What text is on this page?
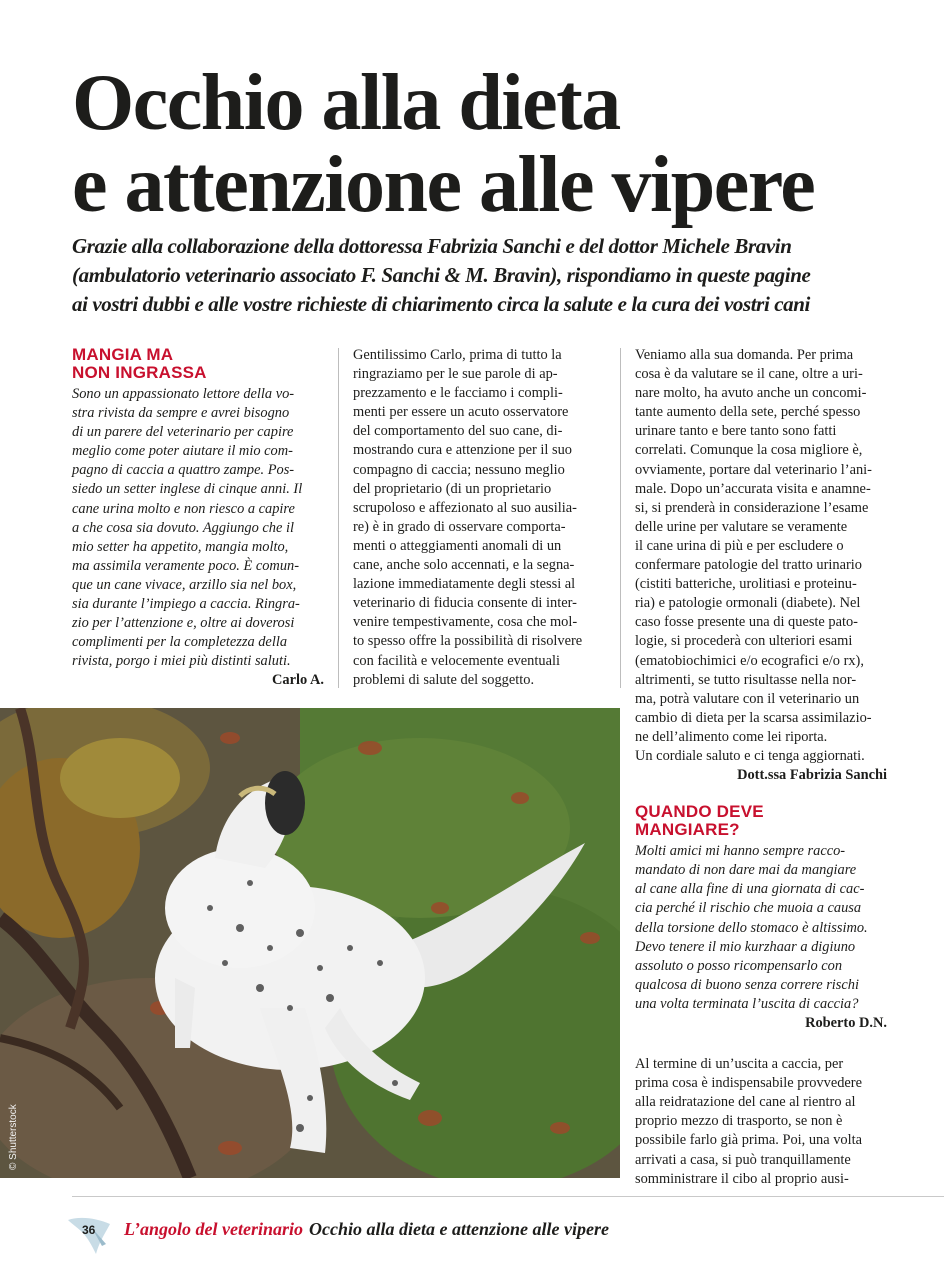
Occhio alla dieta
e attenzione alle vipere
Grazie alla collaborazione della dottoressa Fabrizia Sanchi e del dottor Michele Bravin
(ambulatorio veterinario associato F. Sanchi & M. Bravin), rispondiamo in queste pagine
ai vostri dubbi e alle vostre richieste di chiarimento circa la salute e la cura dei vostri cani
MANGIA MA
NON INGRASSA
Sono un appassionato lettore della vo-
stra rivista da sempre e avrei bisogno
di un parere del veterinario per capire
meglio come poter aiutare il mio com-
pagno di caccia a quattro zampe. Pos-
siedo un setter inglese di cinque anni. Il
cane urina molto e non riesco a capire
a che cosa sia dovuto. Aggiungo che il
mio setter ha appetito, mangia molto,
ma assimila veramente poco. È comun-
que un cane vivace, arzillo sia nel box,
sia durante l’impiego a caccia. Ringra-
zio per l’attenzione e, oltre ai doverosi
complimenti per la completezza della
rivista, porgo i miei più distinti saluti.

Carlo A.

Gentilissimo Carlo, prima di tutto la
ringraziamo per le sue parole di ap-
prezzamento e le facciamo i compli-
menti per essere un acuto osservatore
del comportamento del suo cane, di-
mostrando cura e attenzione per il suo
compagno di caccia; nessuno meglio
del proprietario (di un proprietario
scrupoloso e affezionato al suo ausilia-
re) è in grado di osservare comporta-
menti o atteggiamenti anomali di un
cane, anche solo accennati, e la segna-
lazione immediatamente degli stessi al
veterinario di fiducia consente di inter-
venire tempestivamente, cosa che mol-
to spesso offre la possibilità di risolvere
con facilità e velocemente eventuali
problemi di salute del soggetto.
Veniamo alla sua domanda. Per prima
cosa è da valutare se il cane, oltre a uri-
nare molto, ha avuto anche un concomi-
tante aumento della sete, perché spesso
urinare tanto e bere tanto sono fatti
correlati. Comunque la cosa migliore è,
ovviamente, portare dal veterinario l’ani-
male. Dopo un’accurata visita e anamne-
si, si prenderà in considerazione l’esame
delle urine per valutare se veramente
il cane urina di più e per escludere o
confermare patologie del tratto urinario
(cistiti batteriche, urolitiasi e proteinu-
ria) e patologie ormonali (diabete). Nel
caso fosse presente una di queste pato-
logie, si procederà con ulteriori esami
(ematobiochimici e/o ecografici e/o rx),
altrimenti, se tutto risultasse nella nor-
ma, potrà valutare con il veterinario un
cambio di dieta per la scarsa assimilazio-
ne dell’alimento come lei riporta.
Un cordiale saluto e ci tenga aggiornati.

Dott.ssa Fabrizia Sanchi

QUANDO DEVE
MANGIARE?
Molti amici mi hanno sempre racco-
mandato di non dare mai da mangiare
al cane alla fine di una giornata di cac-
cia perché il rischio che muoia a causa
della torsione dello stomaco è altissimo.
Devo tenere il mio kurzhaar a digiuno
assoluto o posso ricompensarlo con
qualcosa di buono senza correre rischi
una volta terminata l’uscita di caccia?

Roberto D.N.

Al termine di un’uscita a caccia, per
prima cosa è indispensabile provvedere
alla reidratazione del cane al rientro al
proprio mezzo di trasporto, se non è
possibile farlo già prima. Poi, una volta
arrivati a casa, si può tranquillamente
somministrare il cibo al proprio ausi-
© Shutterstock
36 L’angolo del veterinario Occhio alla dieta e attenzione alle vipere
